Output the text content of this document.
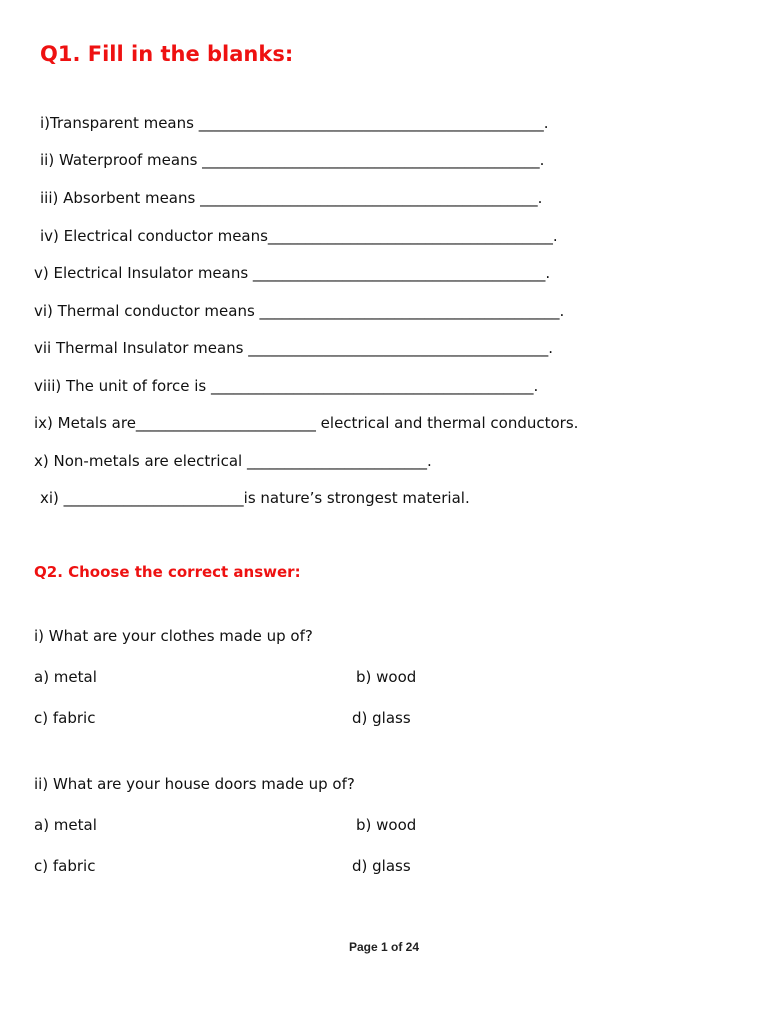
Q1. Fill in the blanks:
i)Transparent means ______________________________________________.
ii) Waterproof means _____________________________________________.
iii) Absorbent means _____________________________________________.
iv) Electrical conductor means______________________________________.
v) Electrical Insulator means _______________________________________.
vi) Thermal conductor means ________________________________________.
vii Thermal Insulator means ________________________________________.
viii) The unit of force is ___________________________________________.
ix) Metals are________________________ electrical and thermal conductors.
x) Non-metals are electrical ________________________.
xi) ________________________is nature’s strongest material.
Q2. Choose the correct answer:
i) What are your clothes made up of?
a) metal	b) wood
c) fabric	d) glass
ii) What are your house doors made up of?
a) metal	b) wood
c) fabric	d) glass
Page 1 of 24
